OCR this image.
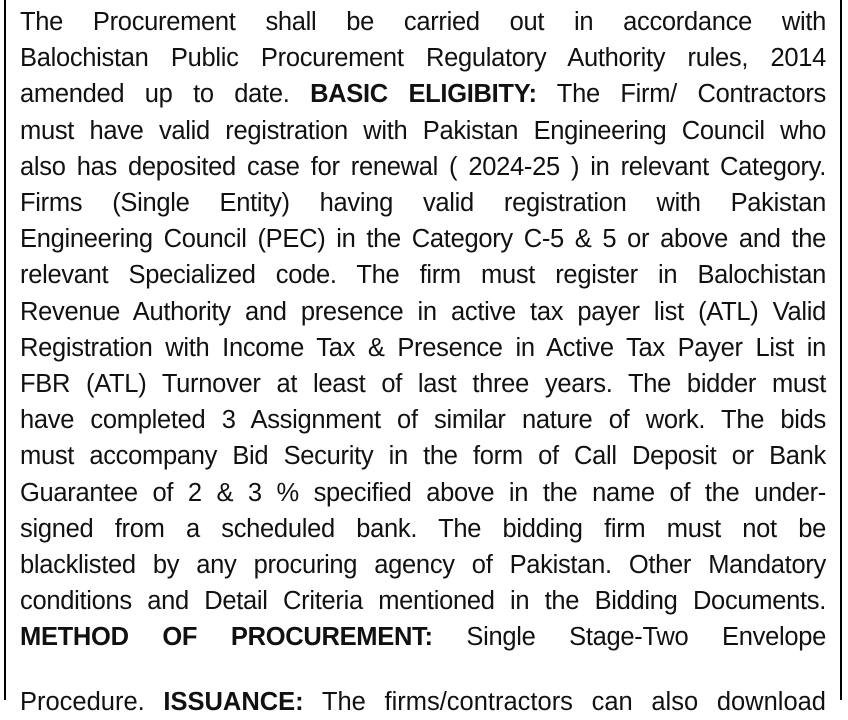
The Procurement shall be carried out in accordance with
Balochistan Public Procurement Regulatory Authority rules, 2014
amended up to date. BASIC ELIGIBITY: The Firm/ Contractors
must have valid registration with Pakistan Engineering Council who
also has deposited case for renewal ( 2024-25 ) in relevant Category.
Firms (Single Entity) having valid registration with Pakistan
Engineering Council (PEC) in the Category C-5 & 5 or above and the
relevant Specialized code. The firm must register in Balochistan
Revenue Authority and presence in active tax payer list (ATL) Valid
Registration with Income Tax & Presence in Active Tax Payer List in
FBR (ATL) Turnover at least of last three years. The bidder must
have completed 3 Assignment of similar nature of work. The bids
must accompany Bid Security in the form of Call Deposit or Bank
Guarantee of 2 & 3 % specified above in the name of the under-
signed from a scheduled bank. The bidding firm must not be
blacklisted by any procuring agency of Pakistan. Other Mandatory
conditions and Detail Criteria mentioned in the Bidding Documents.
METHOD OF PROCUREMENT: Single Stage-Two Envelope
Procedure. ISSUANCE: The firms/contractors can also download
